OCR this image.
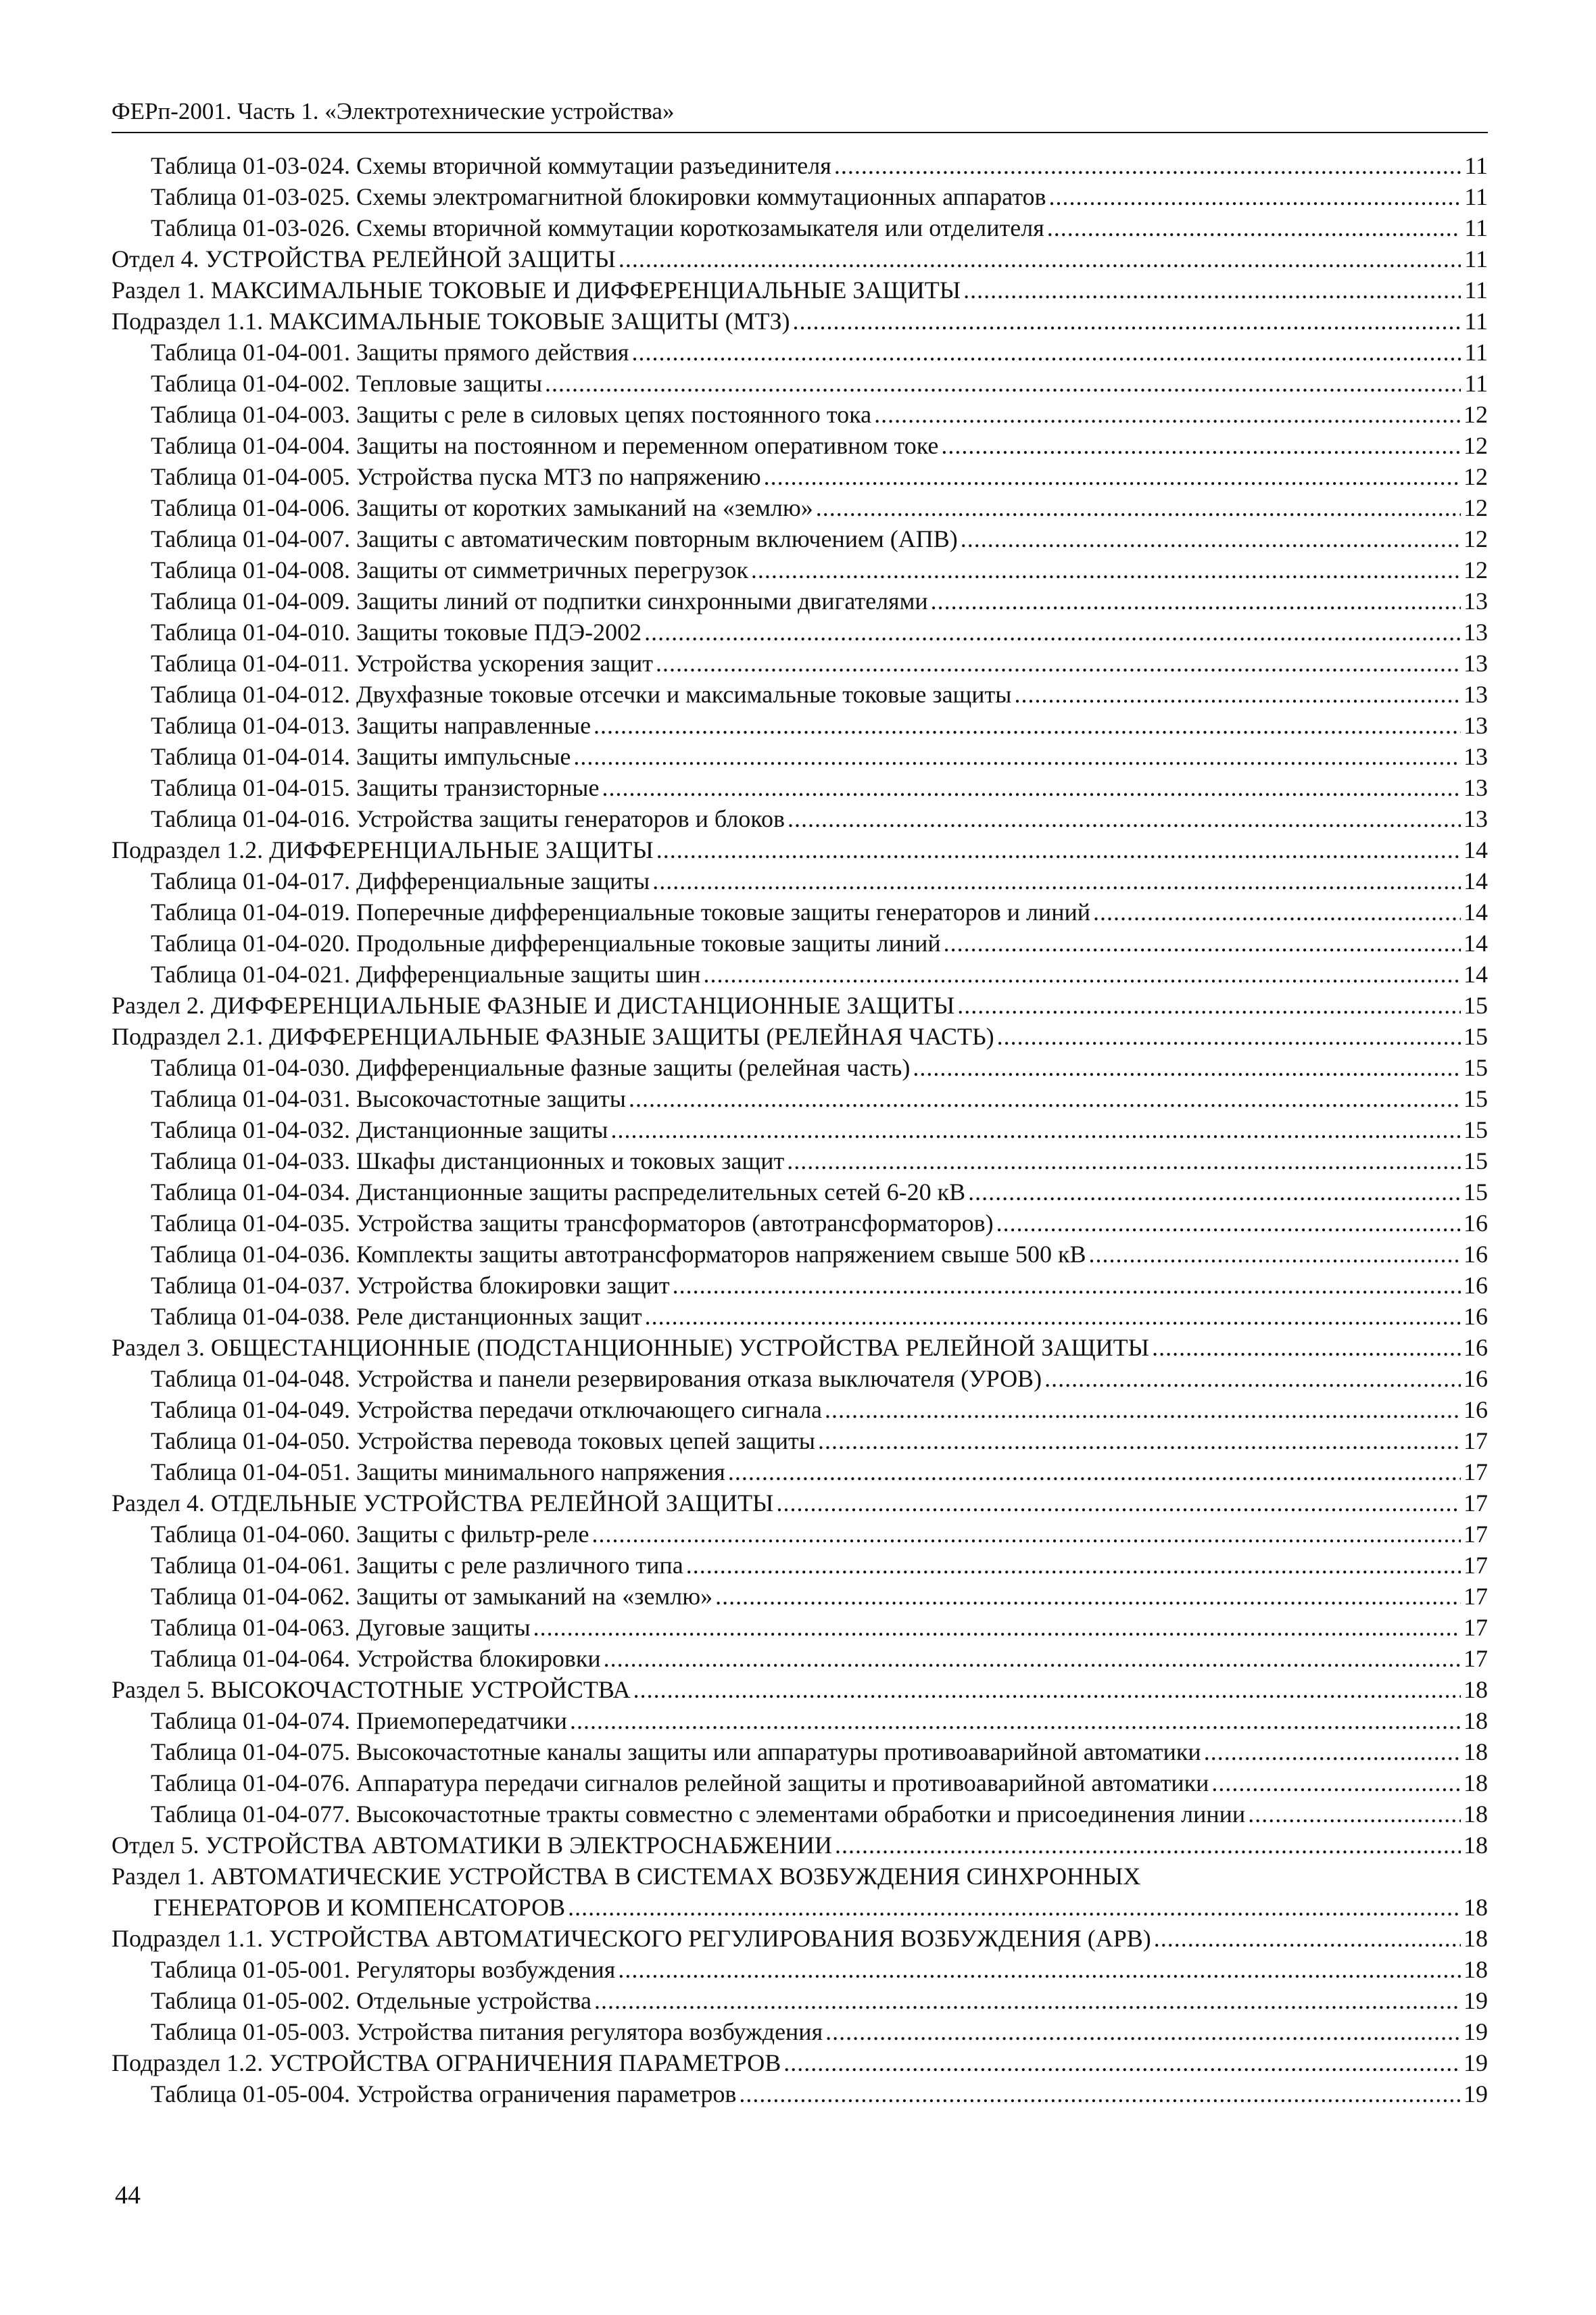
ФЕРп-2001. Часть 1. «Электротехнические устройства»
Таблица 01-03-024. Схемы вторичной коммутации разъединителя .....	11
Таблица 01-03-025. Схемы электромагнитной блокировки коммутационных аппаратов .....	11
Таблица 01-03-026. Схемы вторичной коммутации короткозамыкателя или отделителя .....	11
Отдел 4. УСТРОЙСТВА РЕЛЕЙНОЙ ЗАЩИТЫ .....	11
Раздел 1. МАКСИМАЛЬНЫЕ ТОКОВЫЕ И ДИФФЕРЕНЦИАЛЬНЫЕ ЗАЩИТЫ .....	11
Подраздел 1.1. МАКСИМАЛЬНЫЕ ТОКОВЫЕ ЗАЩИТЫ (МТЗ) .....	11
Таблица 01-04-001. Защиты прямого действия .....	11
Таблица 01-04-002. Тепловые защиты .....	11
Таблица 01-04-003. Защиты с реле в силовых цепях постоянного тока .....	12
Таблица 01-04-004. Защиты на постоянном и переменном оперативном токе .....	12
Таблица 01-04-005. Устройства пуска МТЗ по напряжению .....	12
Таблица 01-04-006. Защиты от коротких замыканий на «землю» .....	12
Таблица 01-04-007. Защиты с автоматическим повторным включением (АПВ) .....	12
Таблица 01-04-008. Защиты от симметричных перегрузок .....	12
Таблица 01-04-009. Защиты линий от подпитки синхронными двигателями .....	13
Таблица 01-04-010. Защиты токовые ПДЭ-2002 .....	13
Таблица 01-04-011. Устройства ускорения защит .....	13
Таблица 01-04-012. Двухфазные токовые отсечки и максимальные токовые защиты .....	13
Таблица 01-04-013. Защиты направленные .....	13
Таблица 01-04-014. Защиты импульсные .....	13
Таблица 01-04-015. Защиты транзисторные .....	13
Таблица 01-04-016. Устройства защиты генераторов и блоков .....	13
Подраздел 1.2. ДИФФЕРЕНЦИАЛЬНЫЕ ЗАЩИТЫ .....	14
Таблица 01-04-017. Дифференциальные защиты .....	14
Таблица 01-04-019. Поперечные дифференциальные токовые защиты генераторов и линий .....	14
Таблица 01-04-020. Продольные дифференциальные токовые защиты линий .....	14
Таблица 01-04-021. Дифференциальные защиты шин .....	14
Раздел 2. ДИФФЕРЕНЦИАЛЬНЫЕ ФАЗНЫЕ И ДИСТАНЦИОННЫЕ ЗАЩИТЫ .....	15
Подраздел 2.1. ДИФФЕРЕНЦИАЛЬНЫЕ ФАЗНЫЕ ЗАЩИТЫ (РЕЛЕЙНАЯ ЧАСТЬ) .....	15
Таблица 01-04-030. Дифференциальные фазные защиты (релейная часть) .....	15
Таблица 01-04-031. Высокочастотные защиты .....	15
Таблица 01-04-032. Дистанционные защиты .....	15
Таблица 01-04-033. Шкафы дистанционных и токовых защит .....	15
Таблица 01-04-034. Дистанционные защиты распределительных сетей 6-20 кВ .....	15
Таблица 01-04-035. Устройства защиты трансформаторов (автотрансформаторов) .....	16
Таблица 01-04-036. Комплекты защиты автотрансформаторов напряжением свыше 500 кВ .....	16
Таблица 01-04-037. Устройства блокировки защит .....	16
Таблица 01-04-038. Реле дистанционных защит .....	16
Раздел 3. ОБЩЕСТАНЦИОННЫЕ (ПОДСТАНЦИОННЫЕ) УСТРОЙСТВА РЕЛЕЙНОЙ ЗАЩИТЫ .....	16
Таблица 01-04-048. Устройства и панели резервирования отказа выключателя (УРОВ) .....	16
Таблица 01-04-049. Устройства передачи отключающего сигнала .....	16
Таблица 01-04-050. Устройства перевода токовых цепей защиты .....	17
Таблица 01-04-051. Защиты минимального напряжения .....	17
Раздел 4. ОТДЕЛЬНЫЕ УСТРОЙСТВА РЕЛЕЙНОЙ ЗАЩИТЫ .....	17
Таблица 01-04-060. Защиты с фильтр-реле .....	17
Таблица 01-04-061. Защиты с реле различного типа .....	17
Таблица 01-04-062. Защиты от замыканий на «землю» .....	17
Таблица 01-04-063. Дуговые защиты .....	17
Таблица 01-04-064. Устройства блокировки .....	17
Раздел 5. ВЫСОКОЧАСТОТНЫЕ УСТРОЙСТВА .....	18
Таблица 01-04-074. Приемопередатчики .....	18
Таблица 01-04-075. Высокочастотные каналы защиты или аппаратуры противоаварийной автоматики .....	18
Таблица 01-04-076. Аппаратура передачи сигналов релейной защиты и противоаварийной автоматики .....	18
Таблица 01-04-077. Высокочастотные тракты совместно с элементами обработки и присоединения линии .....	18
Отдел 5. УСТРОЙСТВА АВТОМАТИКИ В ЭЛЕКТРОСНАБЖЕНИИ .....	18
Раздел 1. АВТОМАТИЧЕСКИЕ УСТРОЙСТВА В СИСТЕМАХ ВОЗБУЖДЕНИЯ СИНХРОННЫХ
ГЕНЕРАТОРОВ И КОМПЕНСАТОРОВ .....	18
Подраздел 1.1. УСТРОЙСТВА АВТОМАТИЧЕСКОГО РЕГУЛИРОВАНИЯ ВОЗБУЖДЕНИЯ (АРВ) .....	18
Таблица 01-05-001. Регуляторы возбуждения .....	18
Таблица 01-05-002. Отдельные устройства .....	19
Таблица 01-05-003. Устройства питания регулятора возбуждения .....	19
Подраздел 1.2. УСТРОЙСТВА ОГРАНИЧЕНИЯ ПАРАМЕТРОВ .....	19
Таблица 01-05-004. Устройства ограничения параметров .....	19
44
